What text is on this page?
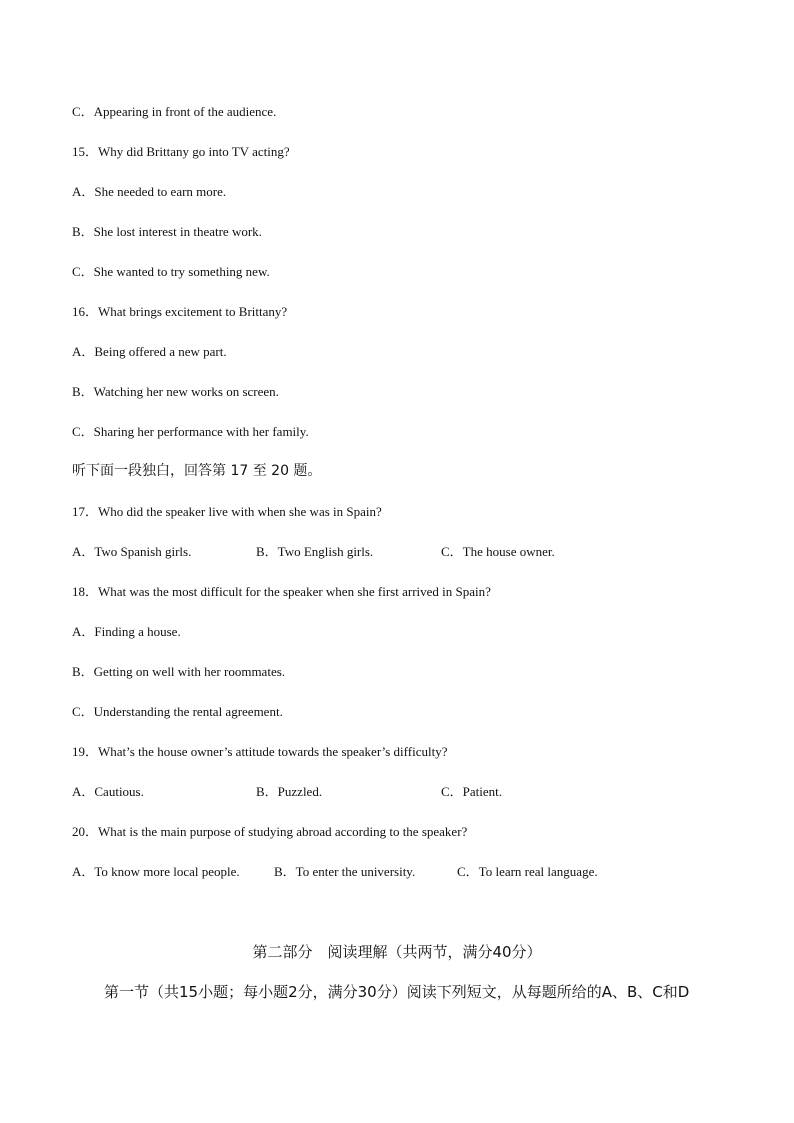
C．Appearing in front of the audience.
15．Why did Brittany go into TV acting?
A．She needed to earn more.
B．She lost interest in theatre work.
C．She wanted to try something new.
16．What brings excitement to Brittany?
A．Being offered a new part.
B．Watching her new works on screen.
C．Sharing her performance with her family.
听下面一段独白，回答第 17 至 20 题。
17．Who did the speaker live with when she was in Spain?
A．Two Spanish girls.	B．Two English girls.	C．The house owner.
18．What was the most difficult for the speaker when she first arrived in Spain?
A．Finding a house.
B．Getting on well with her roommates.
C．Understanding the rental agreement.
19．What’s the house owner’s attitude towards the speaker’s difficulty?
A．Cautious.	B．Puzzled.	C．Patient.
20．What is the main purpose of studying abroad according to the speaker?
A．To know more local people.	B．To enter the university.	C．To learn real language.
第二部分　阅读理解（共两节，满分40分）
第一节（共15小题；每小题2分，满分30分）阅读下列短文，从每题所给的A、B、C和D
